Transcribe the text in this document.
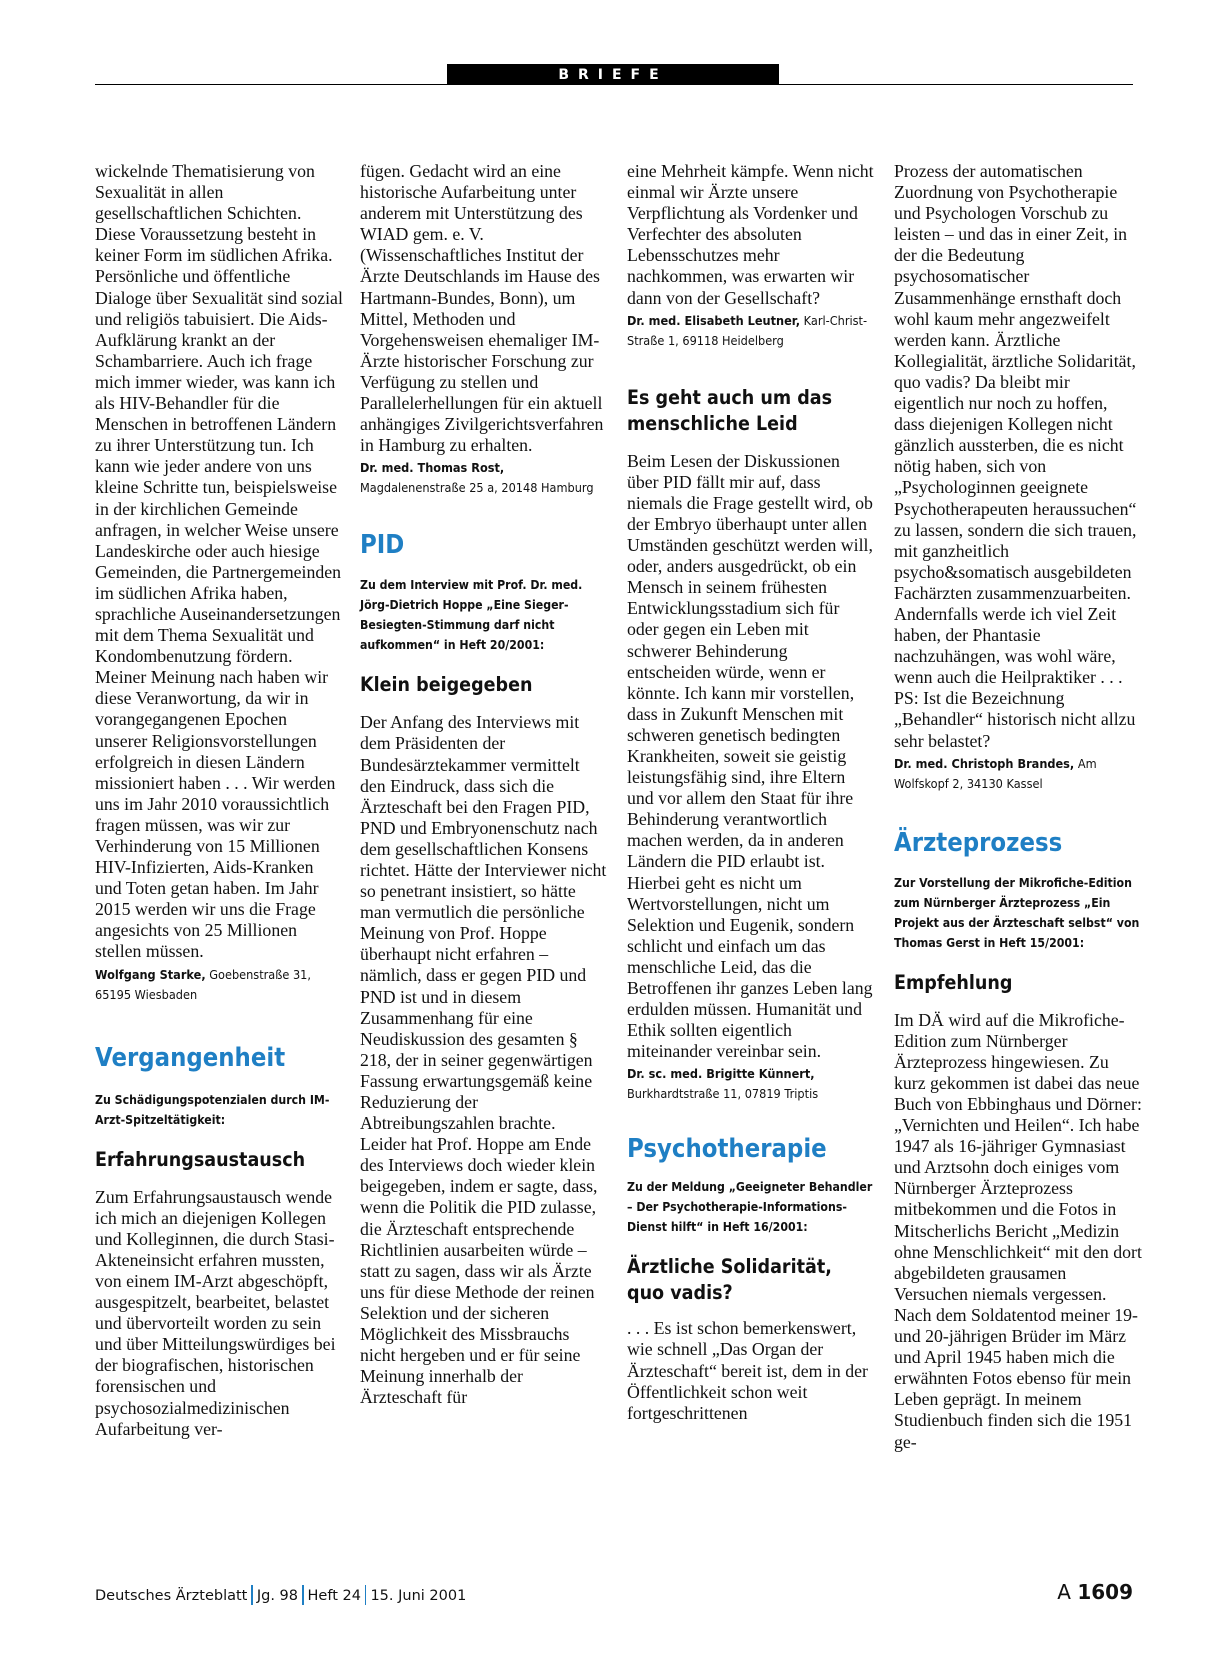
BRIEFE

wickelnde Thematisierung von Sexualität in allen gesellschaftlichen Schichten. Diese Voraussetzung besteht in keiner Form im südlichen Afrika. Persönliche und öffentliche Dialoge über Sexualität sind sozial und religiös tabuisiert. Die Aids-Aufklärung krankt an der Schambarriere. Auch ich frage mich immer wieder, was kann ich als HIV-Behandler für die Menschen in betroffenen Ländern zu ihrer Unterstützung tun. Ich kann wie jeder andere von uns kleine Schritte tun, beispielsweise in der kirchlichen Gemeinde anfragen, in welcher Weise unsere Landeskirche oder auch hiesige Gemeinden, die Partnergemeinden im südlichen Afrika haben, sprachliche Auseinandersetzungen mit dem Thema Sexualität und Kondombenutzung fördern.

Meiner Meinung nach haben wir diese Veranwortung, da wir in vorangegangenen Epochen unserer Religionsvorstellungen erfolgreich in diesen Ländern missioniert haben . . . Wir werden uns im Jahr 2010 voraussichtlich fragen müssen, was wir zur Verhinderung von 15 Millionen HIV-Infizierten, Aids-Kranken und Toten getan haben. Im Jahr 2015 werden wir uns die Frage angesichts von 25 Millionen stellen müssen.

Wolfgang Starke, Goebenstraße 31, 65195 Wiesbaden
Vergangenheit
Zu Schädigungspotenzialen durch IM-Arzt-Spitzeltätigkeit:
Erfahrungsaustausch

Zum Erfahrungsaustausch wende ich mich an diejenigen Kollegen und Kolleginnen, die durch Stasi-Akteneinsicht erfahren mussten, von einem IM-Arzt abgeschöpft, ausgespitzelt, bearbeitet, belastet und übervorteilt worden zu sein und über Mitteilungswürdiges bei der biografischen, historischen forensischen und psychosozialmedizinischen Aufarbeitung ver-

fügen. Gedacht wird an eine historische Aufarbeitung unter anderem mit Unterstützung des WIAD gem. e. V. (Wissenschaftliches Institut der Ärzte Deutschlands im Hause des Hartmann-Bundes, Bonn), um Mittel, Methoden und Vorgehensweisen ehemaliger IM-Ärzte historischer Forschung zur Verfügung zu stellen und Parallelerhellungen für ein aktuell anhängiges Zivilgerichtsverfahren in Hamburg zu erhalten.

Dr. med. Thomas Rost, Magdalenenstraße 25 a, 20148 Hamburg
PID
Zu dem Interview mit Prof. Dr. med. Jörg-Dietrich Hoppe „Eine Sieger-Besiegten-Stimmung darf nicht aufkommen“ in Heft 20/2001:
Klein beigegeben

Der Anfang des Interviews mit dem Präsidenten der Bundesärztekammer vermittelt den Eindruck, dass sich die Ärzteschaft bei den Fragen PID, PND und Embryonenschutz nach dem gesellschaftlichen Konsens richtet. Hätte der Interviewer nicht so penetrant insistiert, so hätte man vermutlich die persönliche Meinung von Prof. Hoppe überhaupt nicht erfahren – nämlich, dass er gegen PID und PND ist und in diesem Zusammenhang für eine Neudiskussion des gesamten § 218, der in seiner gegenwärtigen Fassung erwartungsgemäß keine Reduzierung der Abtreibungszahlen brachte.

Leider hat Prof. Hoppe am Ende des Interviews doch wieder klein beigegeben, indem er sagte, dass, wenn die Politik die PID zulasse, die Ärzteschaft entsprechende Richtlinien ausarbeiten würde – statt zu sagen, dass wir als Ärzte uns für diese Methode der reinen Selektion und der sicheren Möglichkeit des Missbrauchs nicht hergeben und er für seine Meinung innerhalb der Ärzteschaft für

eine Mehrheit kämpfe. Wenn nicht einmal wir Ärzte unsere Verpflichtung als Vordenker und Verfechter des absoluten Lebensschutzes mehr nachkommen, was erwarten wir dann von der Gesellschaft?

Dr. med. Elisabeth Leutner, Karl-Christ-Straße 1, 69118 Heidelberg
Es geht auch um das menschliche Leid

Beim Lesen der Diskussionen über PID fällt mir auf, dass niemals die Frage gestellt wird, ob der Embryo überhaupt unter allen Umständen geschützt werden will, oder, anders ausgedrückt, ob ein Mensch in seinem frühesten Entwicklungsstadium sich für oder gegen ein Leben mit schwerer Behinderung entscheiden würde, wenn er könnte. Ich kann mir vorstellen, dass in Zukunft Menschen mit schweren genetisch bedingten Krankheiten, soweit sie geistig leistungsfähig sind, ihre Eltern und vor allem den Staat für ihre Behinderung verantwortlich machen werden, da in anderen Ländern die PID erlaubt ist. Hierbei geht es nicht um Wertvorstellungen, nicht um Selektion und Eugenik, sondern schlicht und einfach um das menschliche Leid, das die Betroffenen ihr ganzes Leben lang erdulden müssen. Humanität und Ethik sollten eigentlich miteinander vereinbar sein.

Dr. sc. med. Brigitte Künnert, Burkhardtstraße 11, 07819 Triptis
Psychotherapie
Zu der Meldung „Geeigneter Behandler – Der Psychotherapie-Informations-Dienst hilft“ in Heft 16/2001:
Ärztliche Solidarität, quo vadis?

. . . Es ist schon bemerkenswert, wie schnell „Das Organ der Ärzteschaft“ bereit ist, dem in der Öffentlichkeit schon weit fortgeschrittenen

Prozess der automatischen Zuordnung von Psychotherapie und Psychologen Vorschub zu leisten – und das in einer Zeit, in der die Bedeutung psychosomatischer Zusammenhänge ernsthaft doch wohl kaum mehr angezweifelt werden kann. Ärztliche Kollegialität, ärztliche Solidarität, quo vadis? Da bleibt mir eigentlich nur noch zu hoffen, dass diejenigen Kollegen nicht gänzlich aussterben, die es nicht nötig haben, sich von „Psychologinnen geeignete Psychotherapeuten heraussuchen“ zu lassen, sondern die sich trauen, mit ganzheitlich psycho&somatisch ausgebildeten Fachärzten zusammenzuarbeiten. Andernfalls werde ich viel Zeit haben, der Phantasie nachzuhängen, was wohl wäre, wenn auch die Heilpraktiker . . .

PS: Ist die Bezeichnung „Behandler“ historisch nicht allzu sehr belastet?

Dr. med. Christoph Brandes, Am Wolfskopf 2, 34130 Kassel
Ärzteprozess
Zur Vorstellung der Mikrofiche-Edition zum Nürnberger Ärzteprozess „Ein Projekt aus der Ärzteschaft selbst“ von Thomas Gerst in Heft 15/2001:
Empfehlung

Im DÄ wird auf die Mikrofiche-Edition zum Nürnberger Ärzteprozess hingewiesen. Zu kurz gekommen ist dabei das neue Buch von Ebbinghaus und Dörner: „Vernichten und Heilen“. Ich habe 1947 als 16-jähriger Gymnasiast und Arztsohn doch einiges vom Nürnberger Ärzteprozess mitbekommen und die Fotos in Mitscherlichs Bericht „Medizin ohne Menschlichkeit“ mit den dort abgebildeten grausamen Versuchen niemals vergessen. Nach dem Soldatentod meiner 19- und 20-jährigen Brüder im März und April 1945 haben mich die erwähnten Fotos ebenso für mein Leben geprägt. In meinem Studienbuch finden sich die 1951 ge-

Deutsches Ärzteblatt Jg. 98 Heft 24 15. Juni 2001	A 1609
